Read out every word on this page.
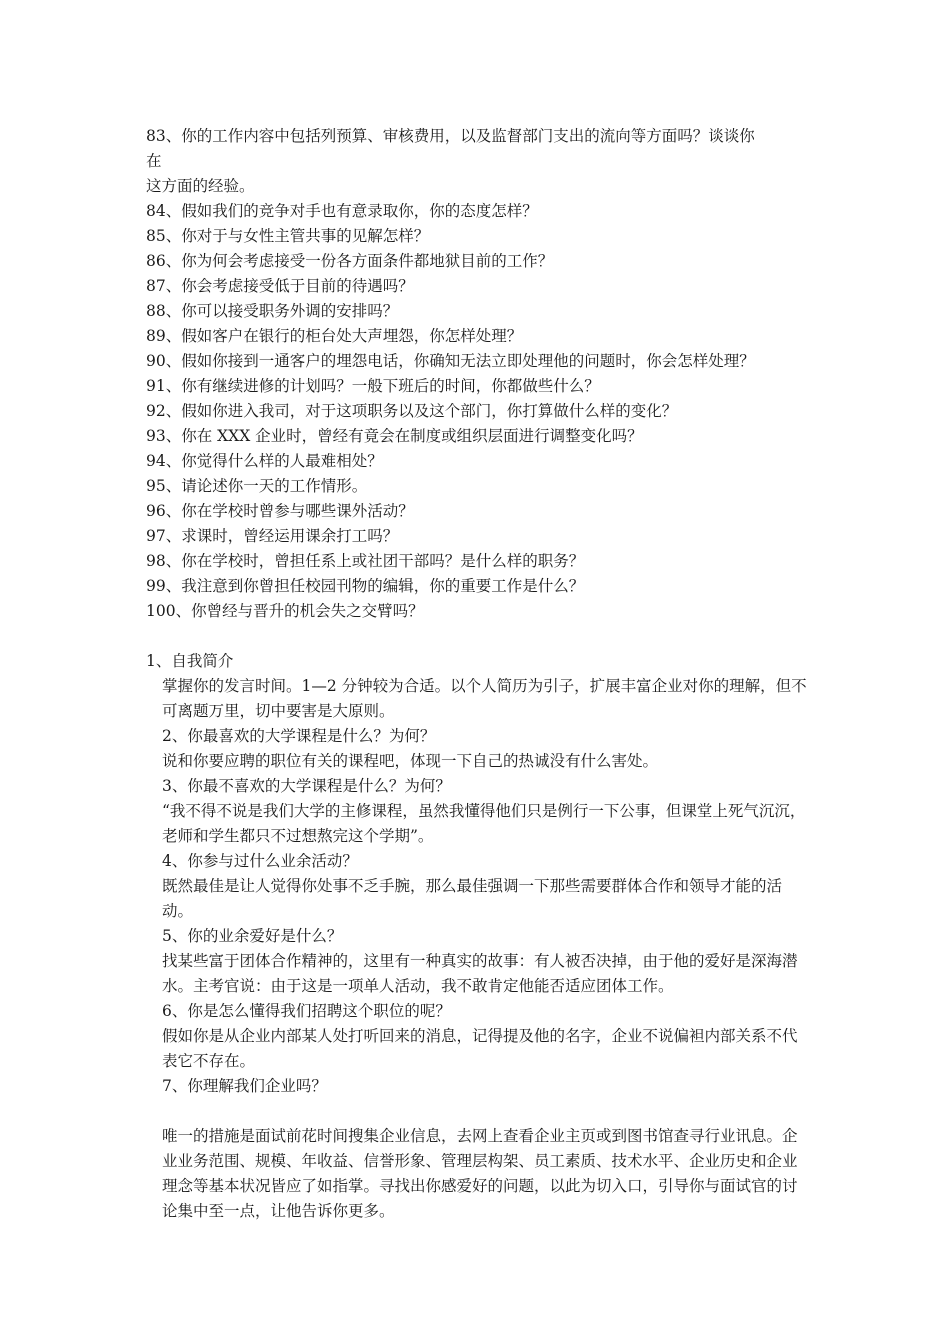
83、你的工作内容中包括列预算、审核费用，以及监督部门支出的流向等方面吗？谈谈你

在

这方面的经验。

84、假如我们的竞争对手也有意录取你，你的态度怎样？

85、你对于与女性主管共事的见解怎样？

86、你为何会考虑接受一份各方面条件都地狱目前的工作？

87、你会考虑接受低于目前的待遇吗？

88、你可以接受职务外调的安排吗？

89、假如客户在银行的柜台处大声埋怨，你怎样处理？

90、假如你接到一通客户的埋怨电话，你确知无法立即处理他的问题时，你会怎样处理？

91、你有继续进修的计划吗？一般下班后的时间，你都做些什么？

92、假如你进入我司，对于这项职务以及这个部门，你打算做什么样的变化？

93、你在 XXX 企业时，曾经有竟会在制度或组织层面进行调整变化吗？

94、你觉得什么样的人最难相处？

95、请论述你一天的工作情形。

96、你在学校时曾参与哪些课外活动？

97、求课时，曾经运用课余打工吗？

98、你在学校时，曾担任系上或社团干部吗？是什么样的职务？

99、我注意到你曾担任校园刊物的编辑，你的重要工作是什么？

100、你曾经与晋升的机会失之交臂吗？

1、自我简介

掌握你的发言时间。1—2 分钟较为合适。以个人简历为引子，扩展丰富企业对你的理解，但不可离题万里，切中要害是大原则。

2、你最喜欢的大学课程是什么？为何？

说和你要应聘的职位有关的课程吧，体现一下自己的热诚没有什么害处。

3、你最不喜欢的大学课程是什么？为何？

“我不得不说是我们大学的主修课程，虽然我懂得他们只是例行一下公事，但课堂上死气沉沉，老师和学生都只不过想熬完这个学期”。

4、你参与过什么业余活动？

既然最佳是让人觉得你处事不乏手腕，那么最佳强调一下那些需要群体合作和领导才能的活动。

5、你的业余爱好是什么？

找某些富于团体合作精神的，这里有一种真实的故事：有人被否决掉，由于他的爱好是深海潜水。主考官说：由于这是一项单人活动，我不敢肯定他能否适应团体工作。

6、你是怎么懂得我们招聘这个职位的呢？

假如你是从企业内部某人处打听回来的消息，记得提及他的名字，企业不说偏袒内部关系不代表它不存在。

7、你理解我们企业吗？

唯一的措施是面试前花时间搜集企业信息，去网上查看企业主页或到图书馆查寻行业讯息。企业业务范围、规模、年收益、信誉形象、管理层构架、员工素质、技术水平、企业历史和企业理念等基本状况皆应了如指掌。寻找出你感爱好的问题，以此为切入口，引导你与面试官的讨论集中至一点，让他告诉你更多。
